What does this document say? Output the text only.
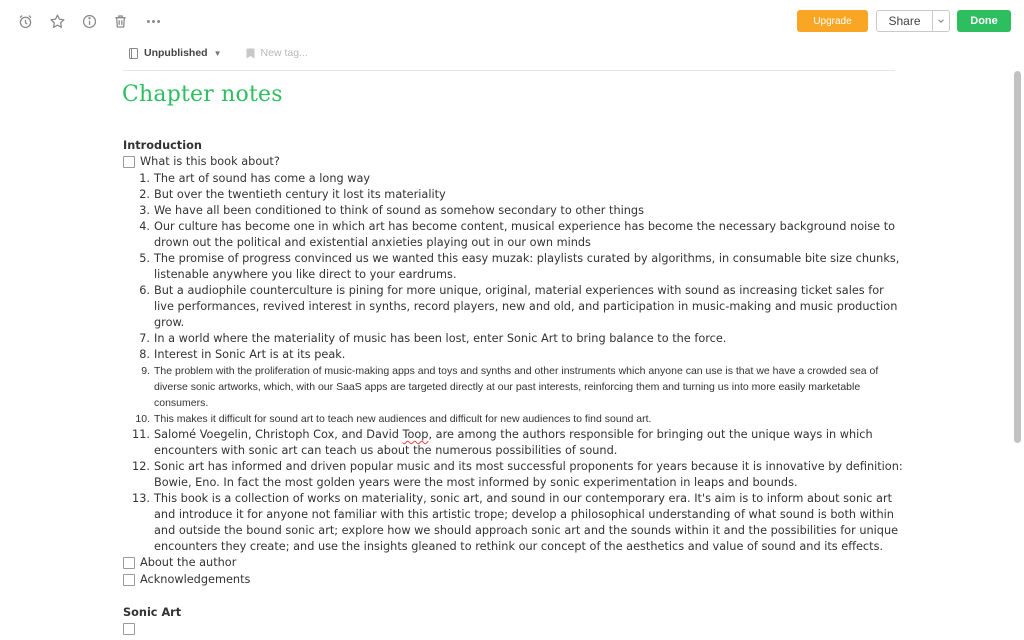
Upgrade	Share	Done
Unpublished ▼	New tag...
Chapter notes
Introduction
What is this book about?
1. The art of sound has come a long way
2. But over the twentieth century it lost its materiality
3. We have all been conditioned to think of sound as somehow secondary to other things
4. Our culture has become one in which art has become content, musical experience has become the necessary background noise to drown out the political and existential anxieties playing out in our own minds
5. The promise of progress convinced us we wanted this easy muzak: playlists curated by algorithms, in consumable bite size chunks, listenable anywhere you like direct to your eardrums.
6. But a audiophile counterculture is pining for more unique, original, material experiences with sound as increasing ticket sales for live performances, revived interest in synths, record players, new and old, and participation in music-making and music production grow.
7. In a world where the materiality of music has been lost, enter Sonic Art to bring balance to the force.
8. Interest in Sonic Art is at its peak.
9. The problem with the proliferation of music-making apps and toys and synths and other instruments which anyone can use is that we have a crowded sea of diverse sonic artworks, which, with our SaaS apps are targeted directly at our past interests, reinforcing them and turning us into more easily marketable consumers.
10. This makes it difficult for sound art to teach new audiences and difficult for new audiences to find sound art.
11. Salomé Voegelin, Christoph Cox, and David Toop, are among the authors responsible for bringing out the unique ways in which encounters with sonic art can teach us about the numerous possibilities of sound.
12. Sonic art has informed and driven popular music and its most successful proponents for years because it is innovative by definition: Bowie, Eno. In fact the most golden years were the most informed by sonic experimentation in leaps and bounds.
13. This book is a collection of works on materiality, sonic art, and sound in our contemporary era. It's aim is to inform about sonic art and introduce it for anyone not familiar with this artistic trope; develop a philosophical understanding of what sound is both within and outside the bound sonic art; explore how we should approach sonic art and the sounds within it and the possibilities for unique encounters they create; and use the insights gleaned to rethink our concept of the aesthetics and value of sound and its effects.
About the author
Acknowledgements
Sonic Art
